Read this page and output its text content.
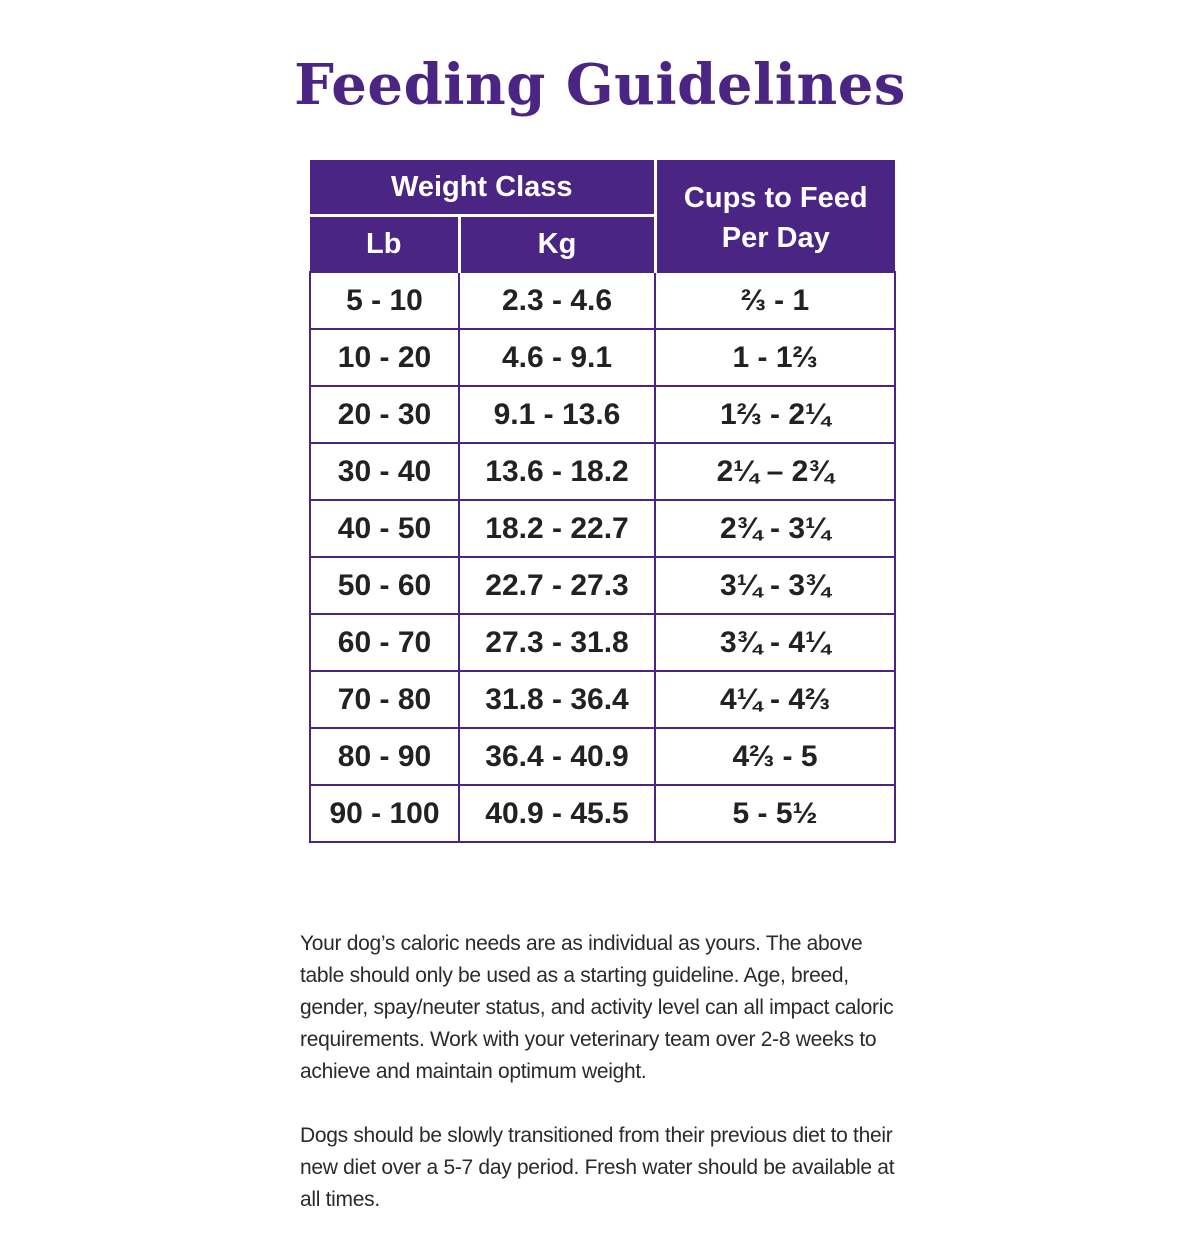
Feeding Guidelines
Weight Class		Cups to Feed
Per Day

Lb	Kg	
5 - 10	2.3 - 4.6	⅔ - 1
10 - 20	4.6 - 9.1	1 - 1⅔
20 - 30	9.1 - 13.6	1⅔ - 2¼
30 - 40	13.6 - 18.2	2¼ – 2¾
40 - 50	18.2 - 22.7	2¾ - 3¼
50 - 60	22.7 - 27.3	3¼ - 3¾
60 - 70	27.3 - 31.8	3¾ - 4¼
70 - 80	31.8 - 36.4	4¼ - 4⅔
80 - 90	36.4 - 40.9	4⅔ - 5
90 - 100	40.9 - 45.5	5 - 5½

Your dog’s caloric needs are as individual as yours. The above table should only be used as a starting guideline. Age, breed, gender, spay/neuter status, and activity level can all impact caloric requirements. Work with your veterinary team over 2-8 weeks to achieve and maintain optimum weight.

Dogs should be slowly transitioned from their previous diet to their new diet over a 5-7 day period. Fresh water should be available at all times.
